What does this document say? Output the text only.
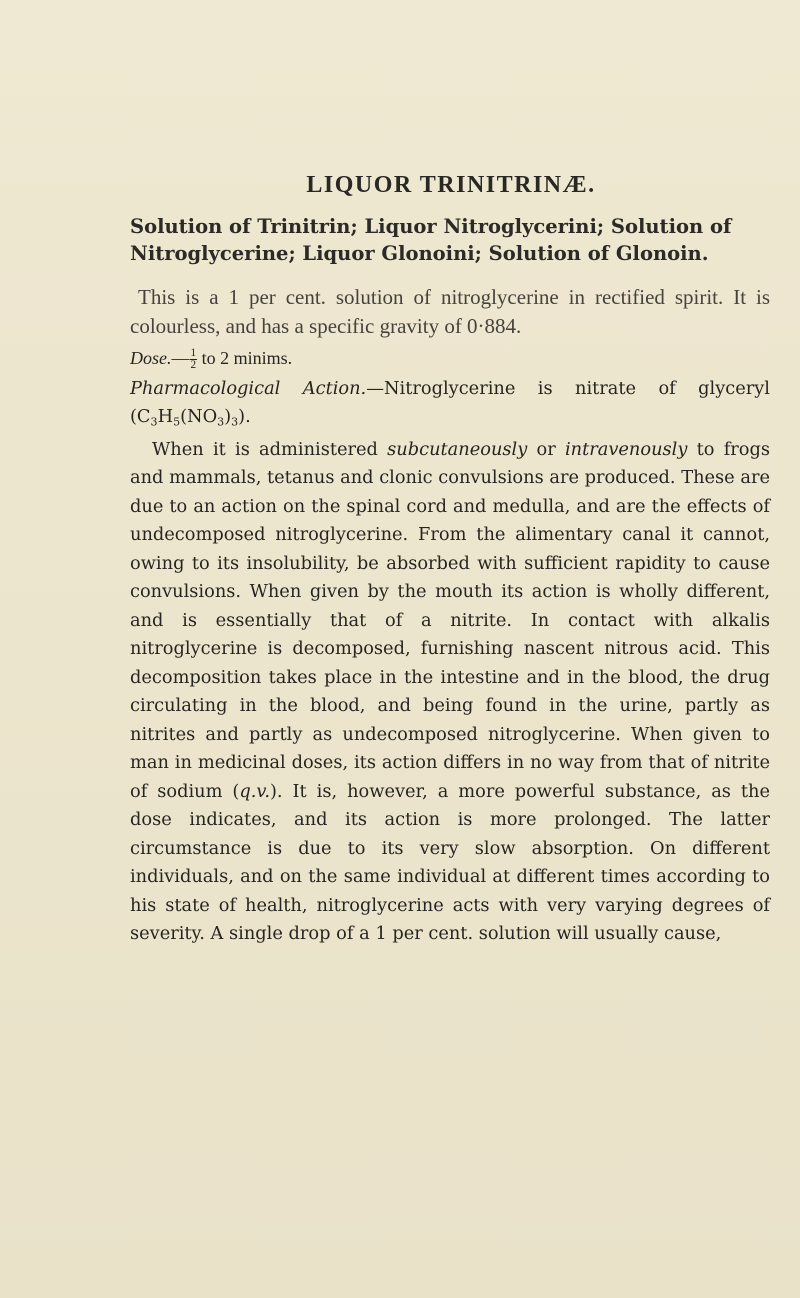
LIQUOR TRINITRINÆ.

Solution of Trinitrin; Liquor Nitroglycerini; Solution of Nitroglycerine; Liquor Glonoini; Solution of Glonoin.

This is a 1 per cent. solution of nitroglycerine in rectified spirit. It is colourless, and has a specific gravity of 0·884.

Dose.— $\frac{1}{2}$ to 2 minims.

Pharmacological Action.—Nitroglycerine is nitrate of glyceryl $(C_3H_5(NO_3)_3)$.

When it is administered subcutaneously or intravenously to frogs and mammals, tetanus and clonic convulsions are produced. These are due to an action on the spinal cord and medulla, and are the effects of undecomposed nitroglycerine. From the alimentary canal it cannot, owing to its insolubility, be absorbed with sufficient rapidity to cause convulsions. When given by the mouth its action is wholly different, and is essentially that of a nitrite. In contact with alkalis nitroglycerine is decomposed, furnishing nascent nitrous acid. This decomposition takes place in the intestine and in the blood, the drug circulating in the blood, and being found in the urine, partly as nitrites and partly as undecomposed nitroglycerine. When given to man in medicinal doses, its action differs in no way from that of nitrite of sodium (q.v.). It is, however, a more powerful substance, as the dose indicates, and its action is more prolonged. The latter circumstance is due to its very slow absorption. On different individuals, and on the same individual at different times according to his state of health, nitroglycerine acts with very varying degrees of severity. A single drop of a 1 per cent. solution will usually cause,
